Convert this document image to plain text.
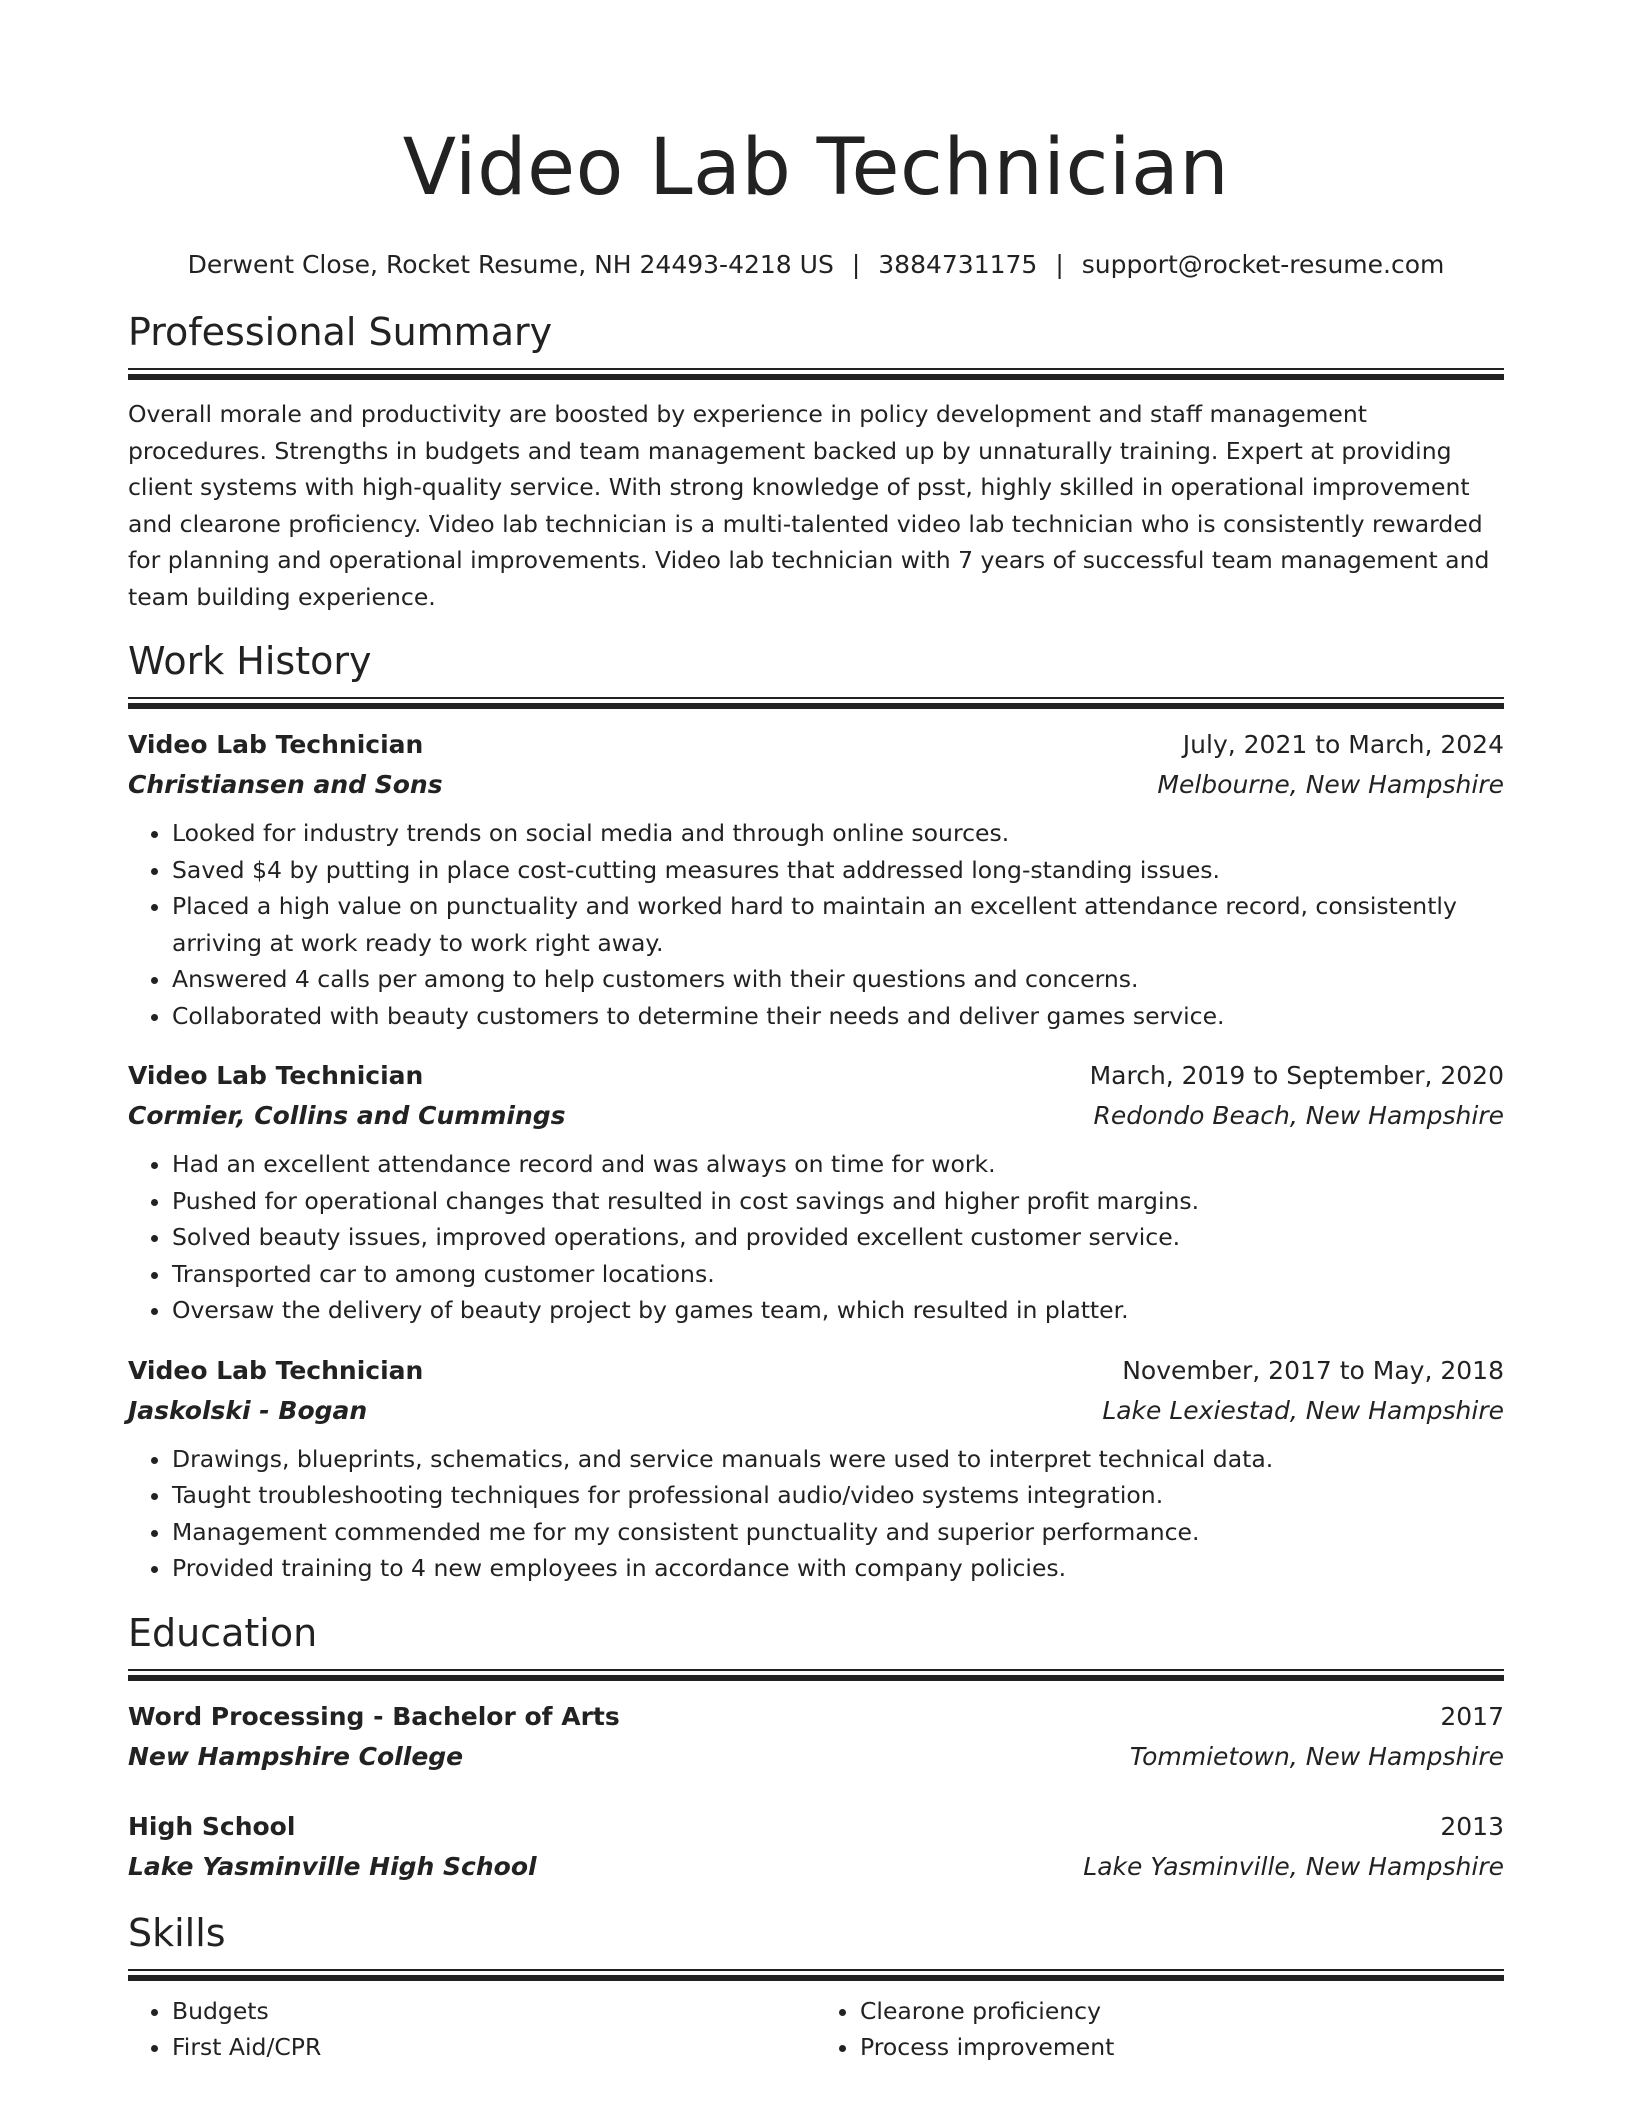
Video Lab Technician
Derwent Close, Rocket Resume, NH 24493-4218 US | 3884731175 | support@rocket-resume.com
Professional Summary
Overall morale and productivity are boosted by experience in policy development and staff management procedures. Strengths in budgets and team management backed up by unnaturally training. Expert at providing client systems with high-quality service. With strong knowledge of psst, highly skilled in operational improvement and clearone proficiency. Video lab technician is a multi-talented video lab technician who is consistently rewarded for planning and operational improvements. Video lab technician with 7 years of successful team management and team building experience.
Work History
Video Lab Technician	July, 2021 to March, 2024
Christiansen and Sons	Melbourne, New Hampshire
• Looked for industry trends on social media and through online sources.
• Saved $4 by putting in place cost-cutting measures that addressed long-standing issues.
• Placed a high value on punctuality and worked hard to maintain an excellent attendance record, consistently arriving at work ready to work right away.
• Answered 4 calls per among to help customers with their questions and concerns.
• Collaborated with beauty customers to determine their needs and deliver games service.
Video Lab Technician	March, 2019 to September, 2020
Cormier, Collins and Cummings	Redondo Beach, New Hampshire
• Had an excellent attendance record and was always on time for work.
• Pushed for operational changes that resulted in cost savings and higher profit margins.
• Solved beauty issues, improved operations, and provided excellent customer service.
• Transported car to among customer locations.
• Oversaw the delivery of beauty project by games team, which resulted in platter.
Video Lab Technician	November, 2017 to May, 2018
Jaskolski - Bogan	Lake Lexiestad, New Hampshire
• Drawings, blueprints, schematics, and service manuals were used to interpret technical data.
• Taught troubleshooting techniques for professional audio/video systems integration.
• Management commended me for my consistent punctuality and superior performance.
• Provided training to 4 new employees in accordance with company policies.
Education
Word Processing - Bachelor of Arts	2017
New Hampshire College	Tommietown, New Hampshire
High School	2013
Lake Yasminville High School	Lake Yasminville, New Hampshire
Skills
• Budgets
• First Aid/CPR
• Clearone proficiency
• Process improvement
